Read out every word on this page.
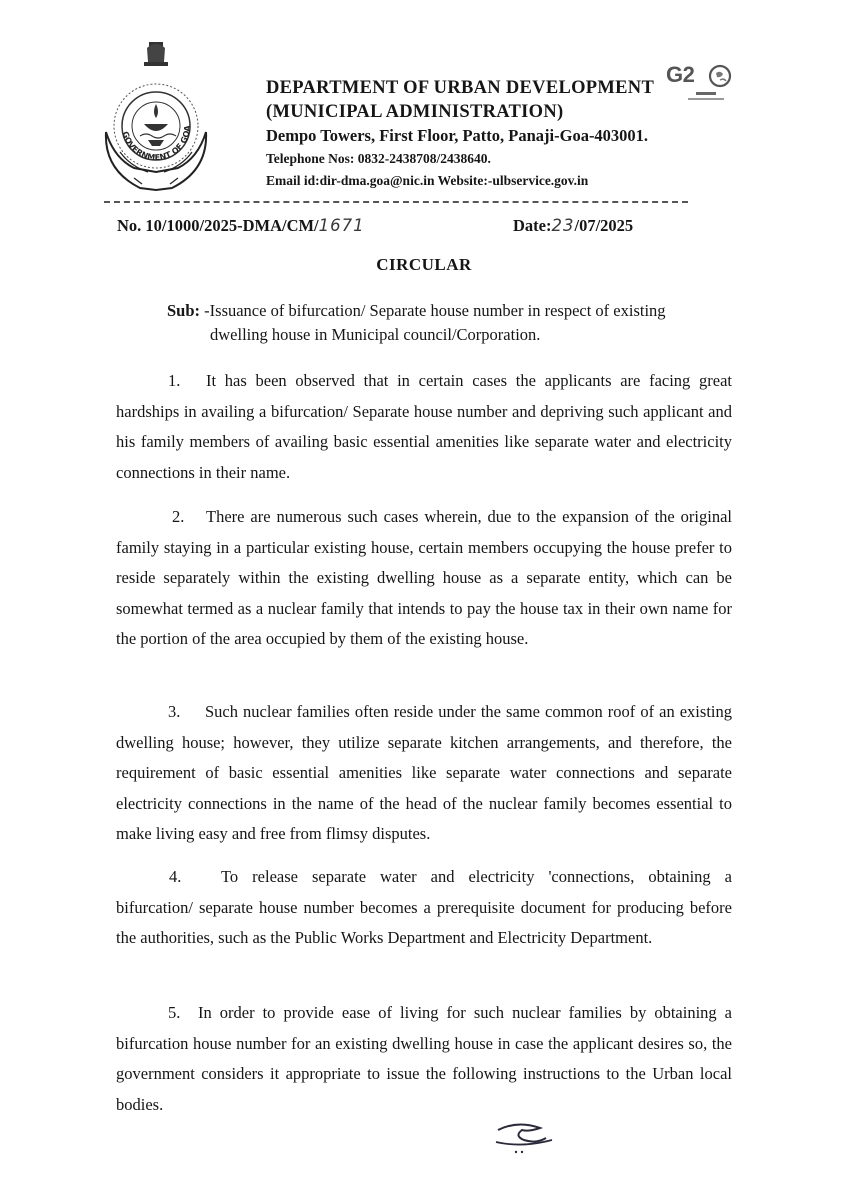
GOVERNMENT OF GOA
DEPARTMENT OF URBAN DEVELOPMENT
(MUNICIPAL ADMINISTRATION)
Dempo Towers, First Floor, Patto, Panaji-Goa-403001.
Telephone Nos: 0832-2438708/2438640.
Email id:dir-dma.goa@nic.in Website:-ulbservice.gov.in
G2
No. 10/1000/2025-DMA/CM/1671	Date:23/07/2025
CIRCULAR
Sub: -Issuance of bifurcation/ Separate house number in respect of existing
dwelling house in Municipal council/Corporation.
1. It has been observed that in certain cases the applicants are facing great hardships in availing a bifurcation/ Separate house number and depriving such applicant and his family members of availing basic essential amenities like separate water and electricity connections in their name.
2. There are numerous such cases wherein, due to the expansion of the original family staying in a particular existing house, certain members occupying the house prefer to reside separately within the existing dwelling house as a separate entity, which can be somewhat termed as a nuclear family that intends to pay the house tax in their own name for the portion of the area occupied by them of the existing house.
3. Such nuclear families often reside under the same common roof of an existing dwelling house; however, they utilize separate kitchen arrangements, and therefore, the requirement of basic essential amenities like separate water connections and separate electricity connections in the name of the head of the nuclear family becomes essential to make living easy and free from flimsy disputes.
4. To release separate water and electricity 'connections, obtaining a bifurcation/ separate house number becomes a prerequisite document for producing before the authorities, such as the Public Works Department and Electricity Department.
5. In order to provide ease of living for such nuclear families by obtaining a bifurcation house number for an existing dwelling house in case the applicant desires so, the government considers it appropriate to issue the following instructions to the Urban local bodies.
